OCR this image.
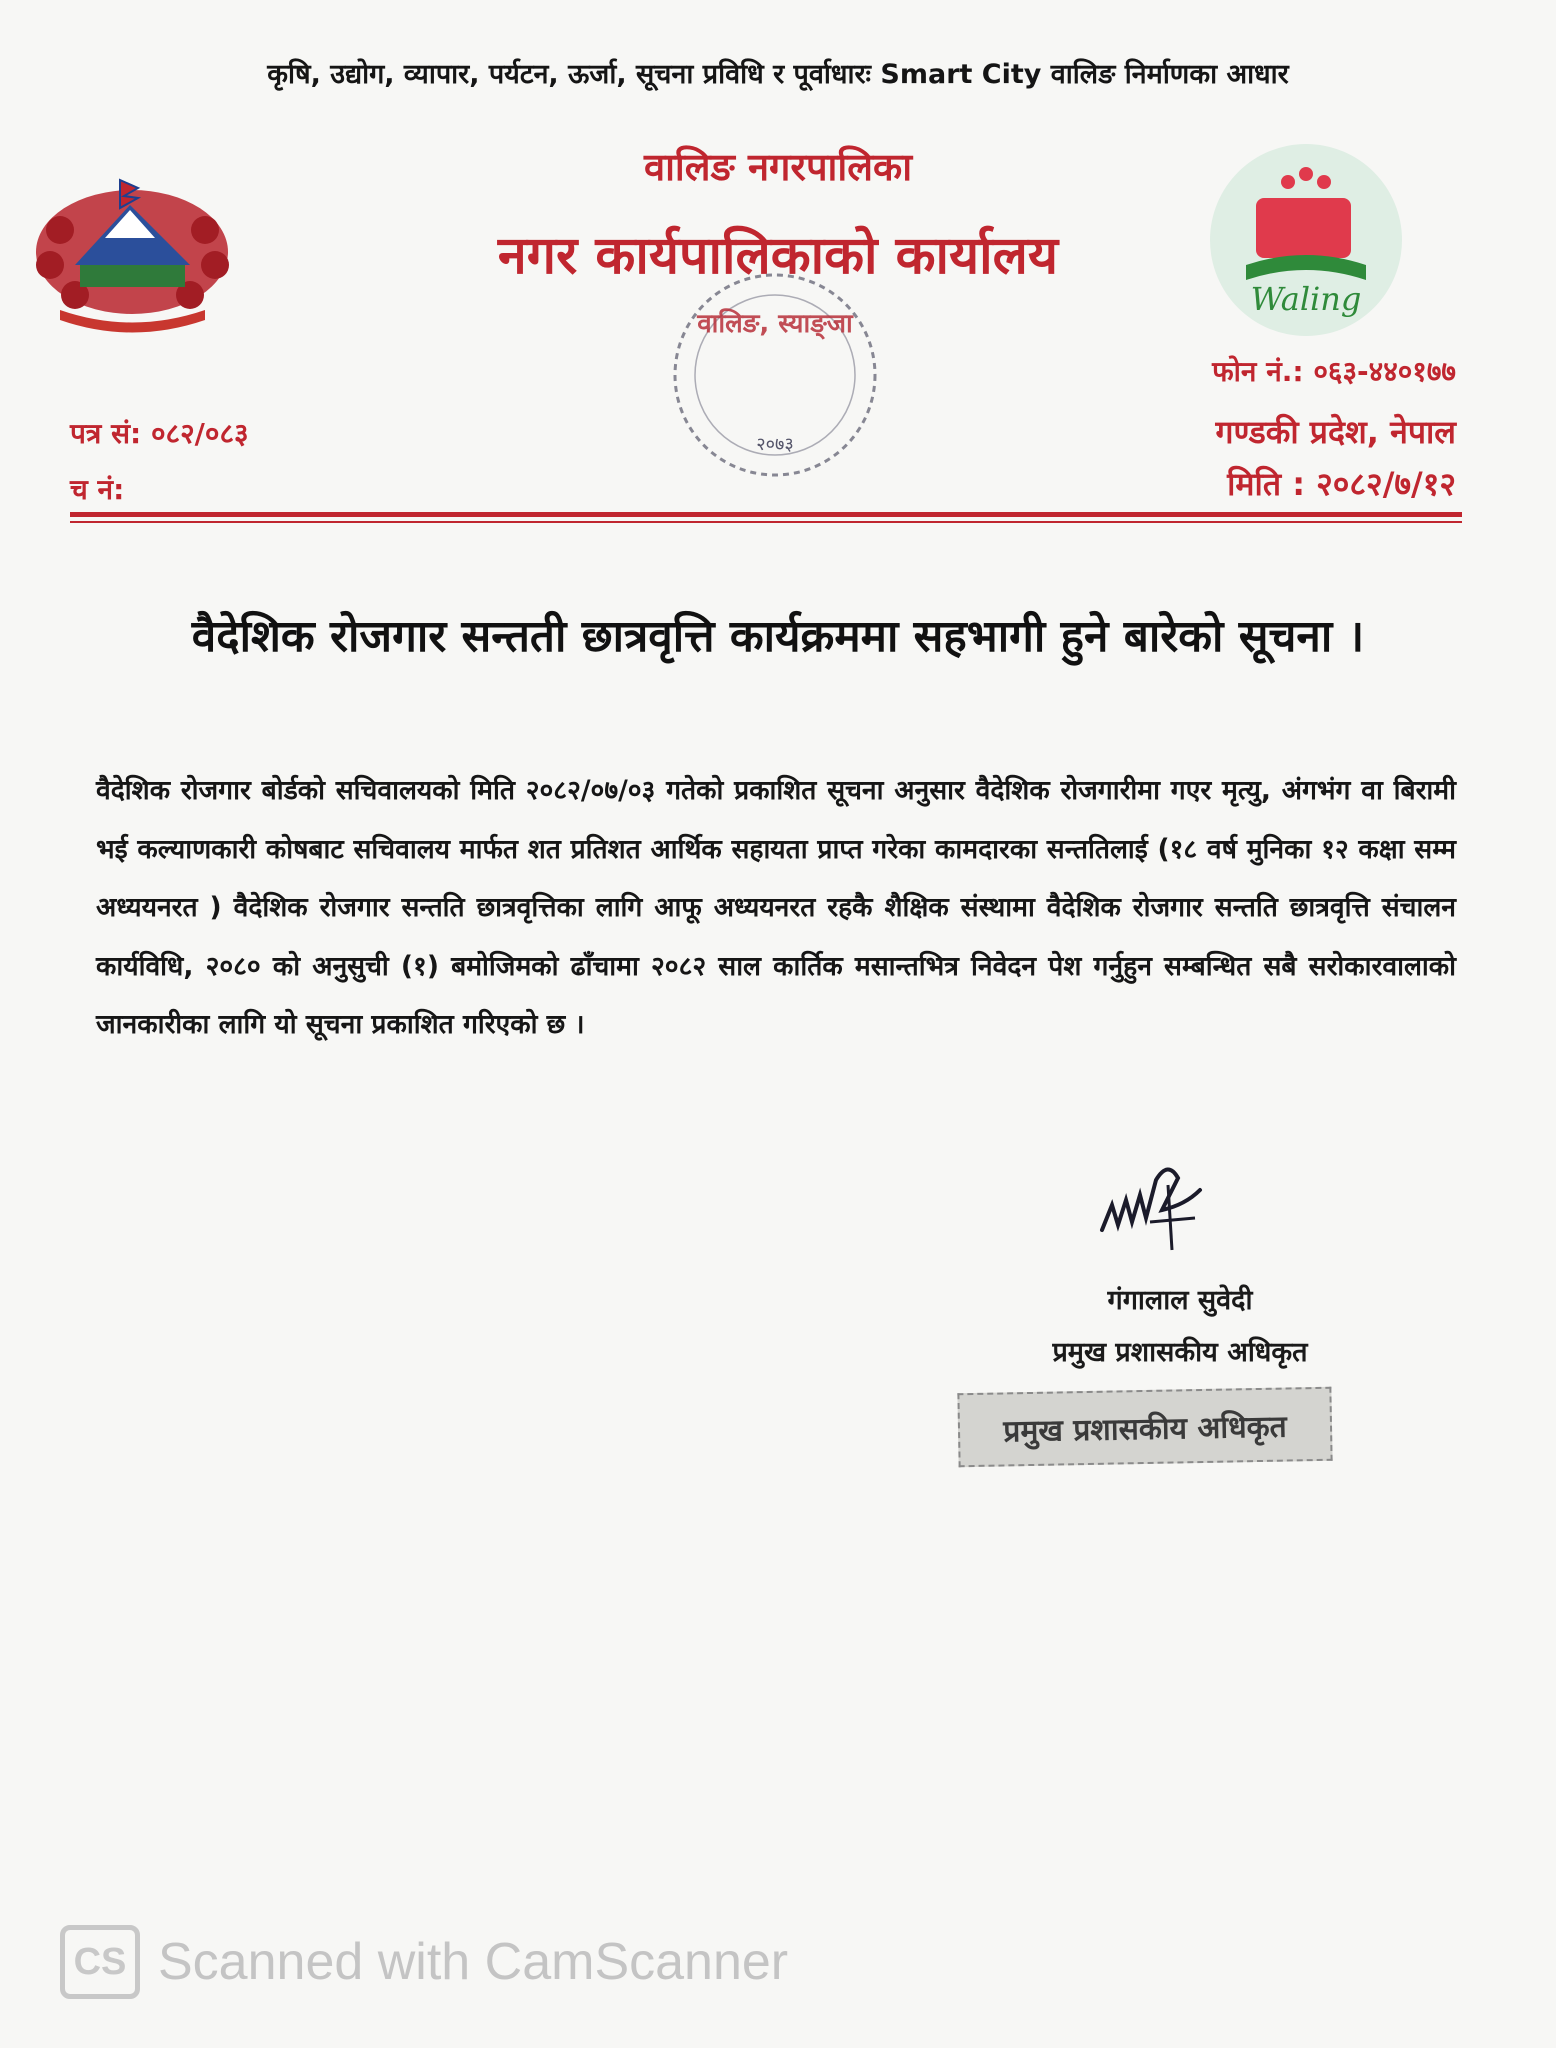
कृषि, उद्योग, व्यापार, पर्यटन, ऊर्जा, सूचना प्रविधि र पूर्वाधारः Smart City वालिङ निर्माणका आधार
वालिङ नगरपालिका
नगर कार्यपालिकाको कार्यालय
Waling
वालिङ, स्याङ्जा
२०७३
फोन नं.: ०६३-४४०१७७
गण्डकी प्रदेश, नेपाल
मिति : २०८२/७/१२
पत्र सं: ०८२/०८३
च नं:
वैदेशिक रोजगार सन्तती छात्रवृत्ति कार्यक्रममा सहभागी हुने बारेको सूचना ।
वैदेशिक रोजगार बोर्डको सचिवालयको मिति २०८२/०७/०३ गतेको प्रकाशित सूचना अनुसार वैदेशिक रोजगारीमा गएर मृत्यु, अंगभंग वा बिरामी भई कल्याणकारी कोषबाट सचिवालय मार्फत शत प्रतिशत आर्थिक सहायता प्राप्त गरेका कामदारका सन्ततिलाई (१८ वर्ष मुनिका १२ कक्षा सम्म अध्ययनरत ) वैदेशिक रोजगार सन्तति छात्रवृत्तिका लागि आफू अध्ययनरत रहकै शैक्षिक संस्थामा वैदेशिक रोजगार सन्तति छात्रवृत्ति संचालन कार्यविधि, २०८० को अनुसुची (१) बमोजिमको ढाँचामा २०८२ साल कार्तिक मसान्तभित्र निवेदन पेश गर्नुहुन सम्बन्धित सबै सरोकारवालाको जानकारीका लागि यो सूचना प्रकाशित गरिएको छ ।
गंगालाल सुवेदी
प्रमुख प्रशासकीय अधिकृत
प्रमुख प्रशासकीय अधिकृत
CS Scanned with CamScanner
